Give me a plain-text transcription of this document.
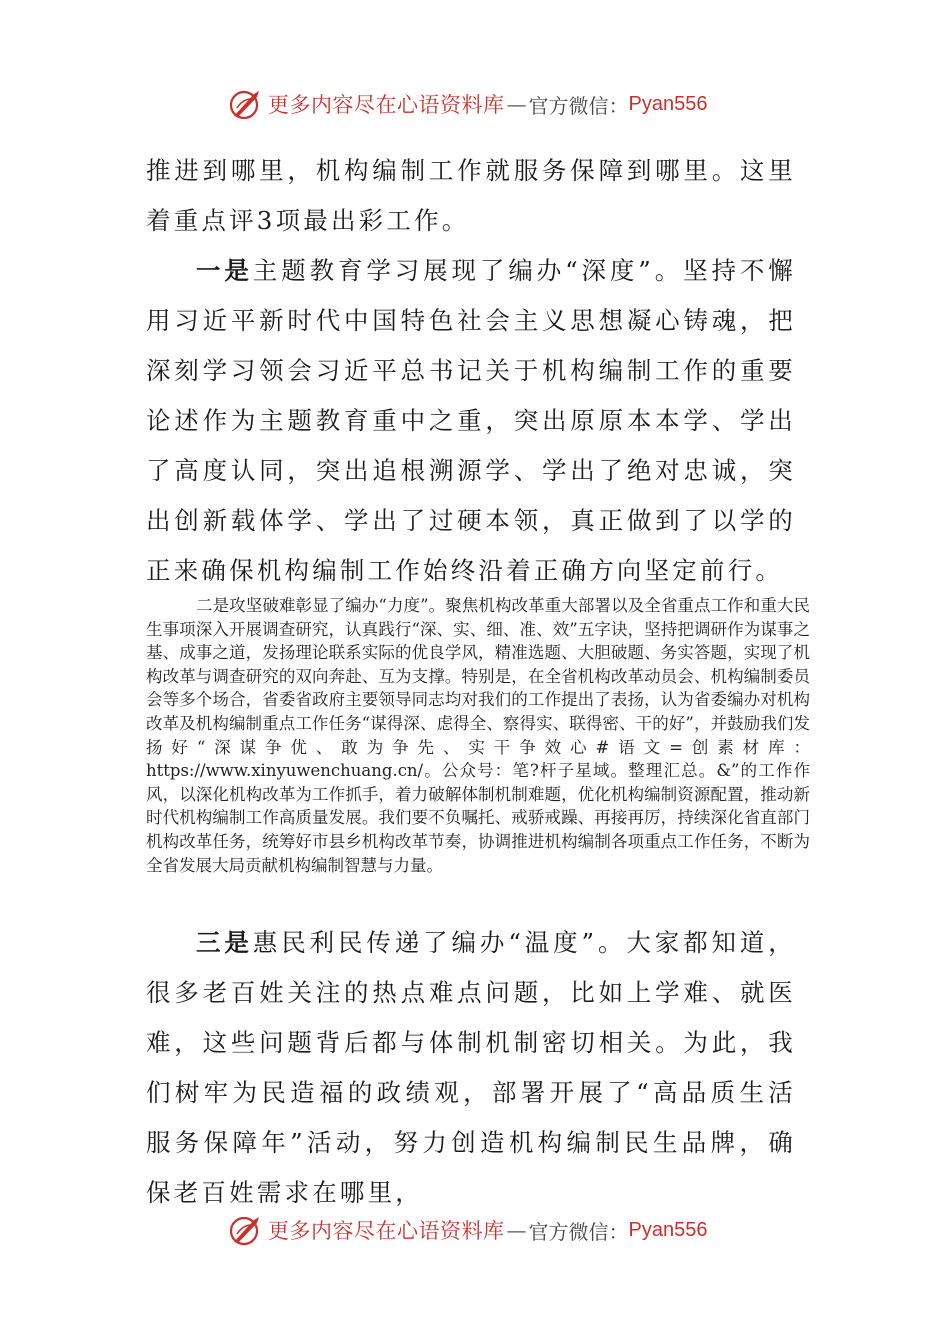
更多内容尽在心语资料库 — 官方微信： Pyan556

推进到哪里，机构编制工作就服务保障到哪里。这里着重点评3项最出彩工作。

一是主题教育学习展现了编办“深度”。坚持不懈用习近平新时代中国特色社会主义思想凝心铸魂，把深刻学习领会习近平总书记关于机构编制工作的重要论述作为主题教育重中之重，突出原原本本学、学出了高度认同，突出追根溯源学、学出了绝对忠诚，突出创新载体学、学出了过硬本领，真正做到了以学的正来确保机构编制工作始终沿着正确方向坚定前行。

二是攻坚破难彰显了编办“力度”。聚焦机构改革重大部署以及全省重点工作和重大民生事项深入开展调查研究，认真践行“深、实、细、准、效”五字诀，坚持把调研作为谋事之基、成事之道，发扬理论联系实际的优良学风，精准选题、大胆破题、务实答题，实现了机构改革与调查研究的双向奔赴、互为支撑。特别是，在全省机构改革动员会、机构编制委员会等多个场合，省委省政府主要领导同志均对我们的工作提出了表扬，认为省委编办对机构改革及机构编制重点工作任务“谋得深、虑得全、察得实、联得密、干的好”，并鼓励我们发扬好“深谋争优、敢为争先、实干争效心#语文=创素材库：https://www.xinyuwenchuang.cn/。公众号：笔?杆子星域。整理汇总。&”的工作作风，以深化机构改革为工作抓手，着力破解体制机制难题，优化机构编制资源配置，推动新时代机构编制工作高质量发展。我们要不负嘱托、戒骄戒躁、再接再厉，持续深化省直部门机构改革任务，统筹好市县乡机构改革节奏，协调推进机构编制各项重点工作任务，不断为全省发展大局贡献机构编制智慧与力量。

三是惠民利民传递了编办“温度”。大家都知道，很多老百姓关注的热点难点问题，比如上学难、就医难，这些问题背后都与体制机制密切相关。为此，我们树牢为民造福的政绩观，部署开展了“高品质生活服务保障年”活动，努力创造机构编制民生品牌，确保老百姓需求在哪里，

更多内容尽在心语资料库 — 官方微信： Pyan556
